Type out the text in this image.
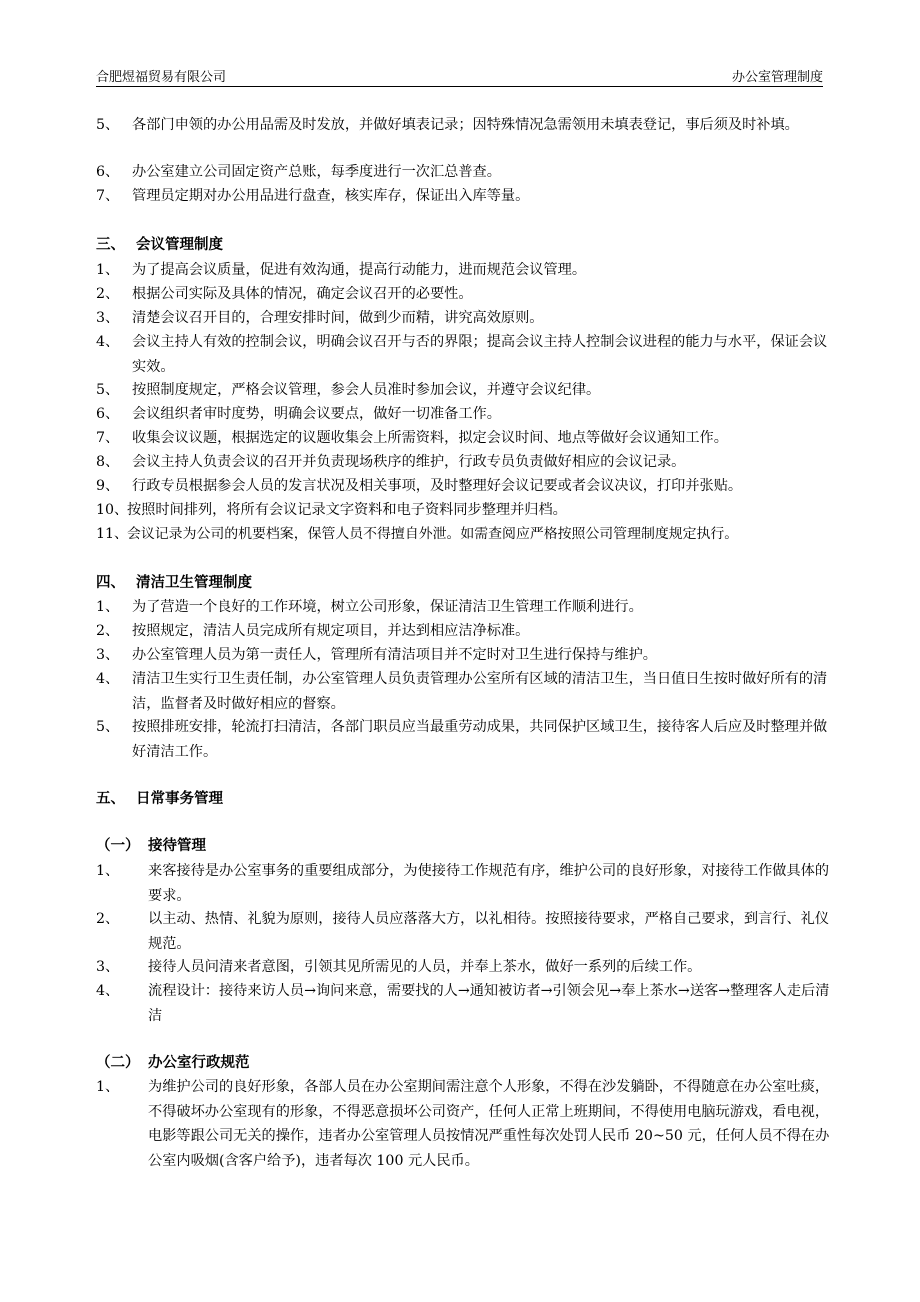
合肥煜福贸易有限公司	办公室管理制度
5、 各部门申领的办公用品需及时发放，并做好填表记录；因特殊情况急需领用未填表登记，事后须及时补填。
6、 办公室建立公司固定资产总账，每季度进行一次汇总普查。
7、 管理员定期对办公用品进行盘查，核实库存，保证出入库等量。
三、 会议管理制度
1、 为了提高会议质量，促进有效沟通，提高行动能力，进而规范会议管理。
2、 根据公司实际及具体的情况，确定会议召开的必要性。
3、 清楚会议召开目的，合理安排时间，做到少而精，讲究高效原则。
4、 会议主持人有效的控制会议，明确会议召开与否的界限；提高会议主持人控制会议进程的能力与水平，保证会议实效。
5、 按照制度规定，严格会议管理，参会人员准时参加会议，并遵守会议纪律。
6、 会议组织者审时度势，明确会议要点，做好一切准备工作。
7、 收集会议议题，根据选定的议题收集会上所需资料，拟定会议时间、地点等做好会议通知工作。
8、 会议主持人负责会议的召开并负责现场秩序的维护，行政专员负责做好相应的会议记录。
9、 行政专员根据参会人员的发言状况及相关事项，及时整理好会议记要或者会议决议，打印并张贴。
10、
按照时间排列，将所有会议记录文字资料和电子资料同步整理并归档。
11、
会议记录为公司的机要档案，保管人员不得擅自外泄。如需查阅应严格按照公司管理制度规定执行。
四、 清洁卫生管理制度
1、 为了营造一个良好的工作环境，树立公司形象，保证清洁卫生管理工作顺利进行。
2、 按照规定，清洁人员完成所有规定项目，并达到相应洁净标准。
3、 办公室管理人员为第一责任人，管理所有清洁项目并不定时对卫生进行保持与维护。
4、 清洁卫生实行卫生责任制，办公室管理人员负责管理办公室所有区域的清洁卫生，当日值日生按时做好所有的清洁，监督者及时做好相应的督察。
5、 按照排班安排，轮流打扫清洁，各部门职员应当最重劳动成果，共同保护区域卫生，接待客人后应及时整理并做好清洁工作。
五、 日常事务管理
（一） 接待管理
1、 来客接待是办公室事务的重要组成部分，为使接待工作规范有序，维护公司的良好形象，对接待工作做具体的要求。
2、 以主动、热情、礼貌为原则，接待人员应落落大方，以礼相待。按照接待要求，严格自己要求，到言行、礼仪规范。
3、 接待人员问清来者意图，引领其见所需见的人员，并奉上茶水，做好一系列的后续工作。
4、 流程设计：接待来访人员→询问来意，需要找的人→通知被访者→引领会见→奉上茶水→送客→整理客人走后清洁
（二） 办公室行政规范
1、 为维护公司的良好形象，各部人员在办公室期间需注意个人形象，不得在沙发躺卧，不得随意在办公室吐痰，不得破坏办公室现有的形象，不得恶意损坏公司资产，任何人正常上班期间，不得使用电脑玩游戏，看电视，电影等跟公司无关的操作，违者办公室管理人员按情况严重性每次处罚人民币 20~50 元，任何人员不得在办公室内吸烟(含客户给予)，违者每次 100 元人民币。
